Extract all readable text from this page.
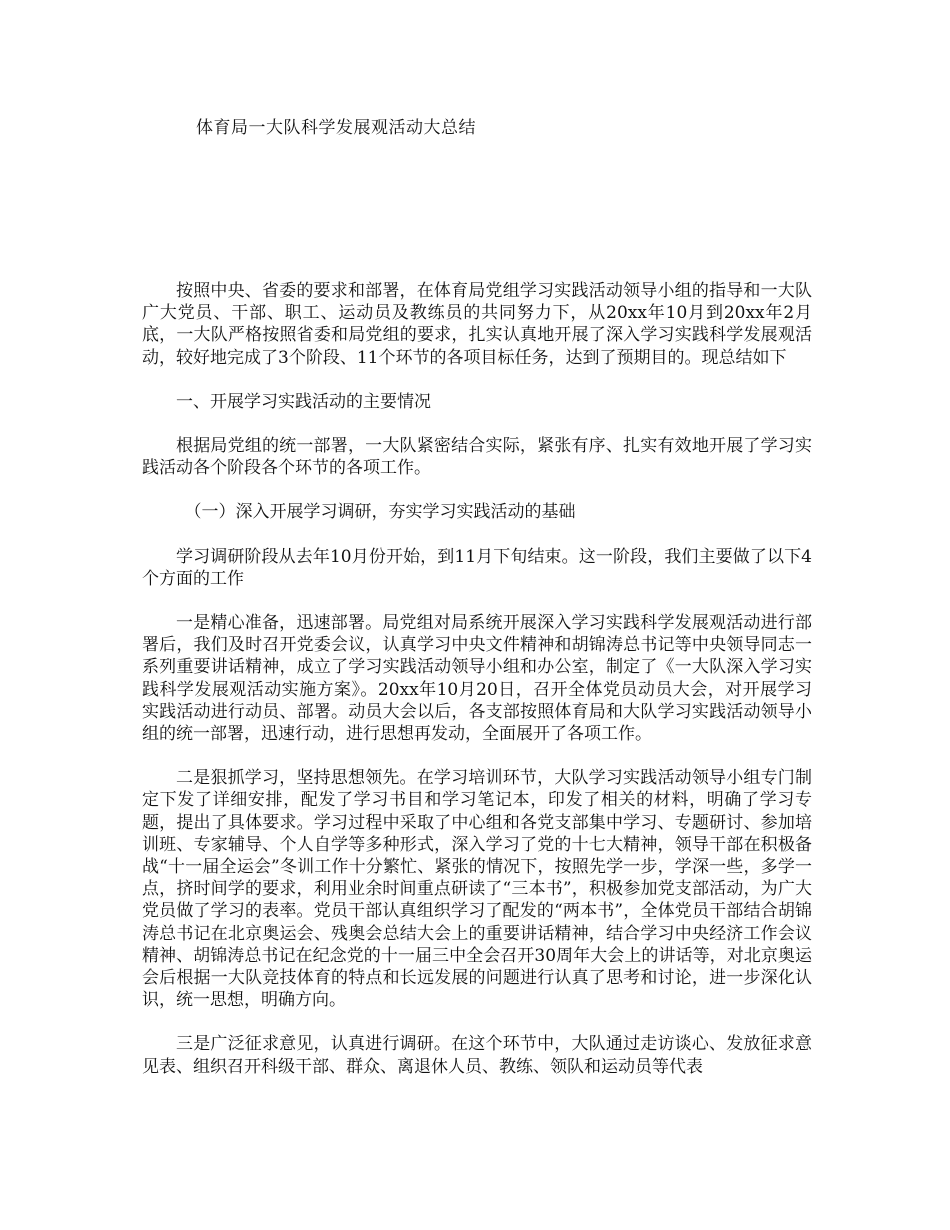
体育局一大队科学发展观活动大总结

按照中央、省委的要求和部署，在体育局党组学习实践活动领导小组的指导和一大队广大党员、干部、职工、运动员及教练员的共同努力下，从20xx年10月到20xx年2月底，一大队严格按照省委和局党组的要求，扎实认真地开展了深入学习实践科学发展观活动，较好地完成了3个阶段、11个环节的各项目标任务，达到了预期目的。现总结如下

一、开展学习实践活动的主要情况

根据局党组的统一部署，一大队紧密结合实际，紧张有序、扎实有效地开展了学习实践活动各个阶段各个环节的各项工作。

（一）深入开展学习调研，夯实学习实践活动的基础

学习调研阶段从去年10月份开始，到11月下旬结束。这一阶段，我们主要做了以下4个方面的工作

一是精心准备，迅速部署。局党组对局系统开展深入学习实践科学发展观活动进行部署后，我们及时召开党委会议，认真学习中央文件精神和胡锦涛总书记等中央领导同志一系列重要讲话精神，成立了学习实践活动领导小组和办公室，制定了《一大队深入学习实践科学发展观活动实施方案》。20xx年10月20日，召开全体党员动员大会，对开展学习实践活动进行动员、部署。动员大会以后，各支部按照体育局和大队学习实践活动领导小组的统一部署，迅速行动，进行思想再发动，全面展开了各项工作。

二是狠抓学习，坚持思想领先。在学习培训环节，大队学习实践活动领导小组专门制定下发了详细安排，配发了学习书目和学习笔记本，印发了相关的材料，明确了学习专题，提出了具体要求。学习过程中采取了中心组和各党支部集中学习、专题研讨、参加培训班、专家辅导、个人自学等多种形式，深入学习了党的十七大精神，领导干部在积极备战“十一届全运会”冬训工作十分繁忙、紧张的情况下，按照先学一步，学深一些，多学一点，挤时间学的要求，利用业余时间重点研读了“三本书”，积极参加党支部活动，为广大党员做了学习的表率。党员干部认真组织学习了配发的“两本书”，全体党员干部结合胡锦涛总书记在北京奥运会、残奥会总结大会上的重要讲话精神，结合学习中央经济工作会议精神、胡锦涛总书记在纪念党的十一届三中全会召开30周年大会上的讲话等，对北京奥运会后根据一大队竞技体育的特点和长远发展的问题进行认真了思考和讨论，进一步深化认识，统一思想，明确方向。

三是广泛征求意见，认真进行调研。在这个环节中，大队通过走访谈心、发放征求意见表、组织召开科级干部、群众、离退休人员、教练、领队和运动员等代表
